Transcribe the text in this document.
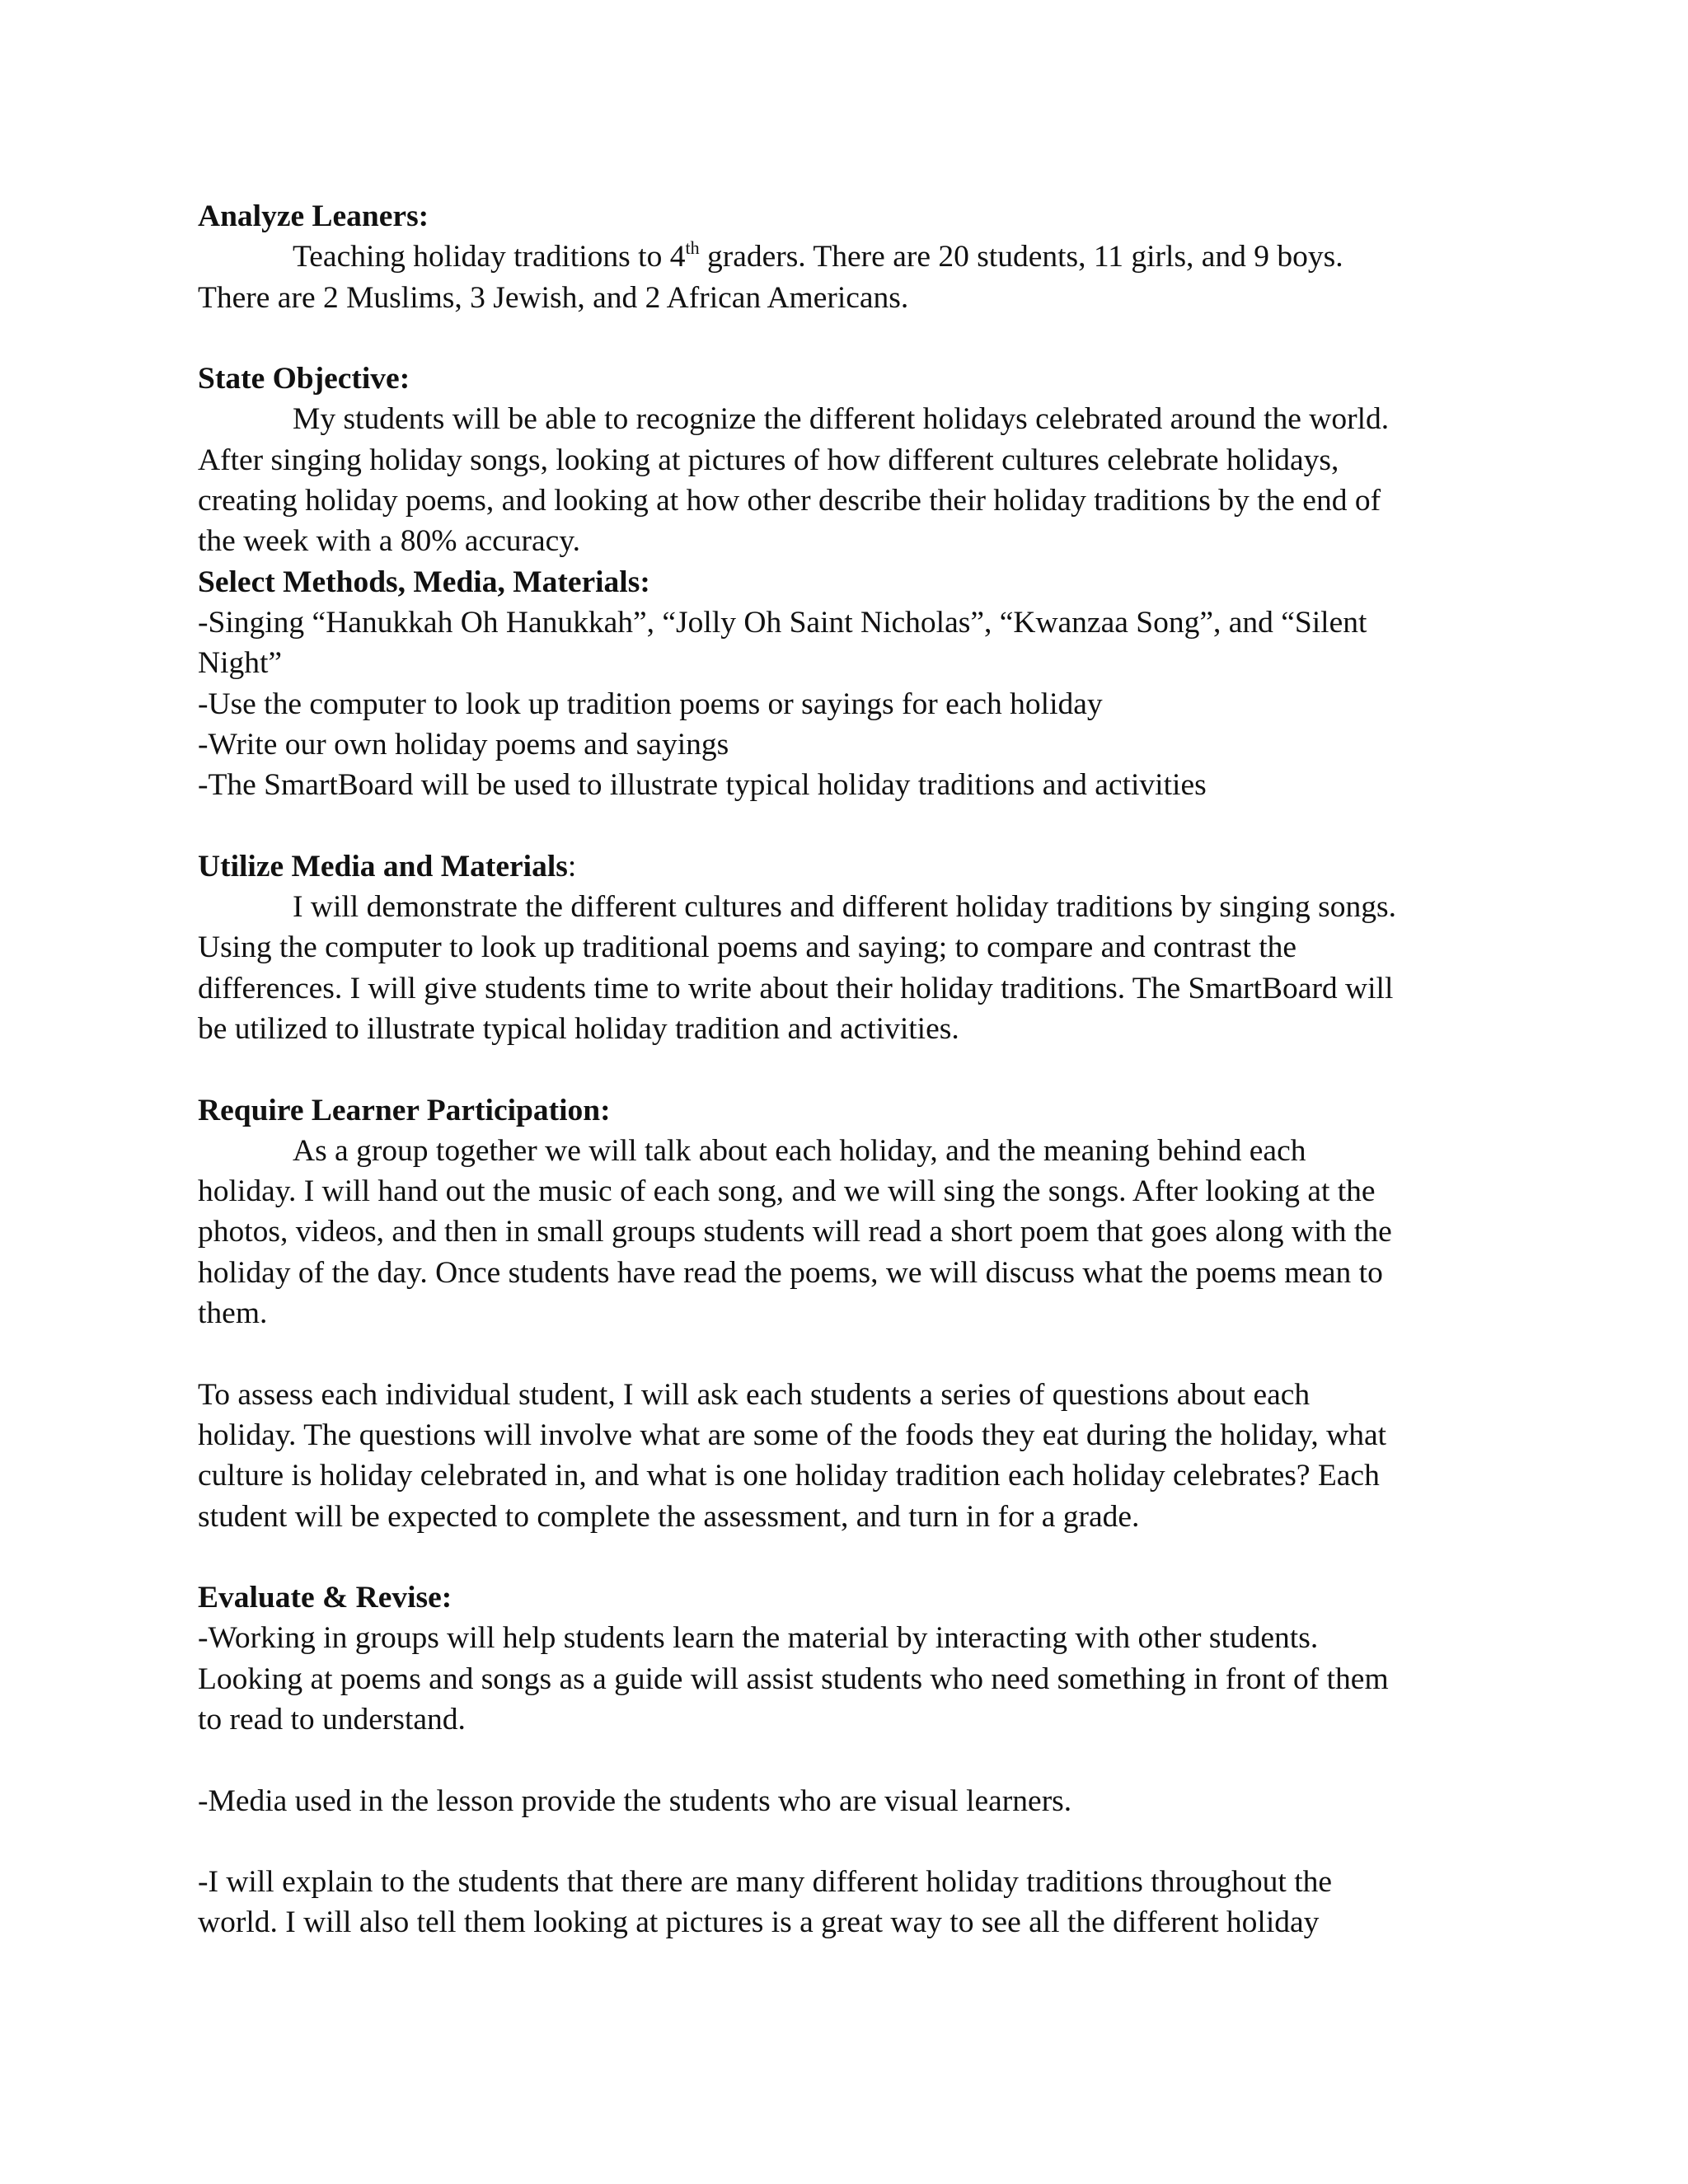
Analyze Leaners:
Teaching holiday traditions to 4th graders. There are 20 students, 11 girls, and 9 boys.
There are 2 Muslims, 3 Jewish, and 2 African Americans.
State Objective:
My students will be able to recognize the different holidays celebrated around the world.
After singing holiday songs, looking at pictures of how different cultures celebrate holidays,
creating holiday poems, and looking at how other describe their holiday traditions by the end of
the week with a 80% accuracy.
Select Methods, Media, Materials:
-Singing “Hanukkah Oh Hanukkah”, “Jolly Oh Saint Nicholas”, “Kwanzaa Song”, and “Silent
Night”
-Use the computer to look up tradition poems or sayings for each holiday
-Write our own holiday poems and sayings
-The SmartBoard will be used to illustrate typical holiday traditions and activities
Utilize Media and Materials:
I will demonstrate the different cultures and different holiday traditions by singing songs.
Using the computer to look up traditional poems and saying; to compare and contrast the
differences. I will give students time to write about their holiday traditions. The SmartBoard will
be utilized to illustrate typical holiday tradition and activities.
Require Learner Participation:
As a group together we will talk about each holiday, and the meaning behind each
holiday. I will hand out the music of each song, and we will sing the songs. After looking at the
photos, videos, and then in small groups students will read a short poem that goes along with the
holiday of the day. Once students have read the poems, we will discuss what the poems mean to
them.
To assess each individual student, I will ask each students a series of questions about each
holiday. The questions will involve what are some of the foods they eat during the holiday, what
culture is holiday celebrated in, and what is one holiday tradition each holiday celebrates? Each
student will be expected to complete the assessment, and turn in for a grade.
Evaluate & Revise:
-Working in groups will help students learn the material by interacting with other students.
Looking at poems and songs as a guide will assist students who need something in front of them
to read to understand.
-Media used in the lesson provide the students who are visual learners.
-I will explain to the students that there are many different holiday traditions throughout the
world. I will also tell them looking at pictures is a great way to see all the different holiday
